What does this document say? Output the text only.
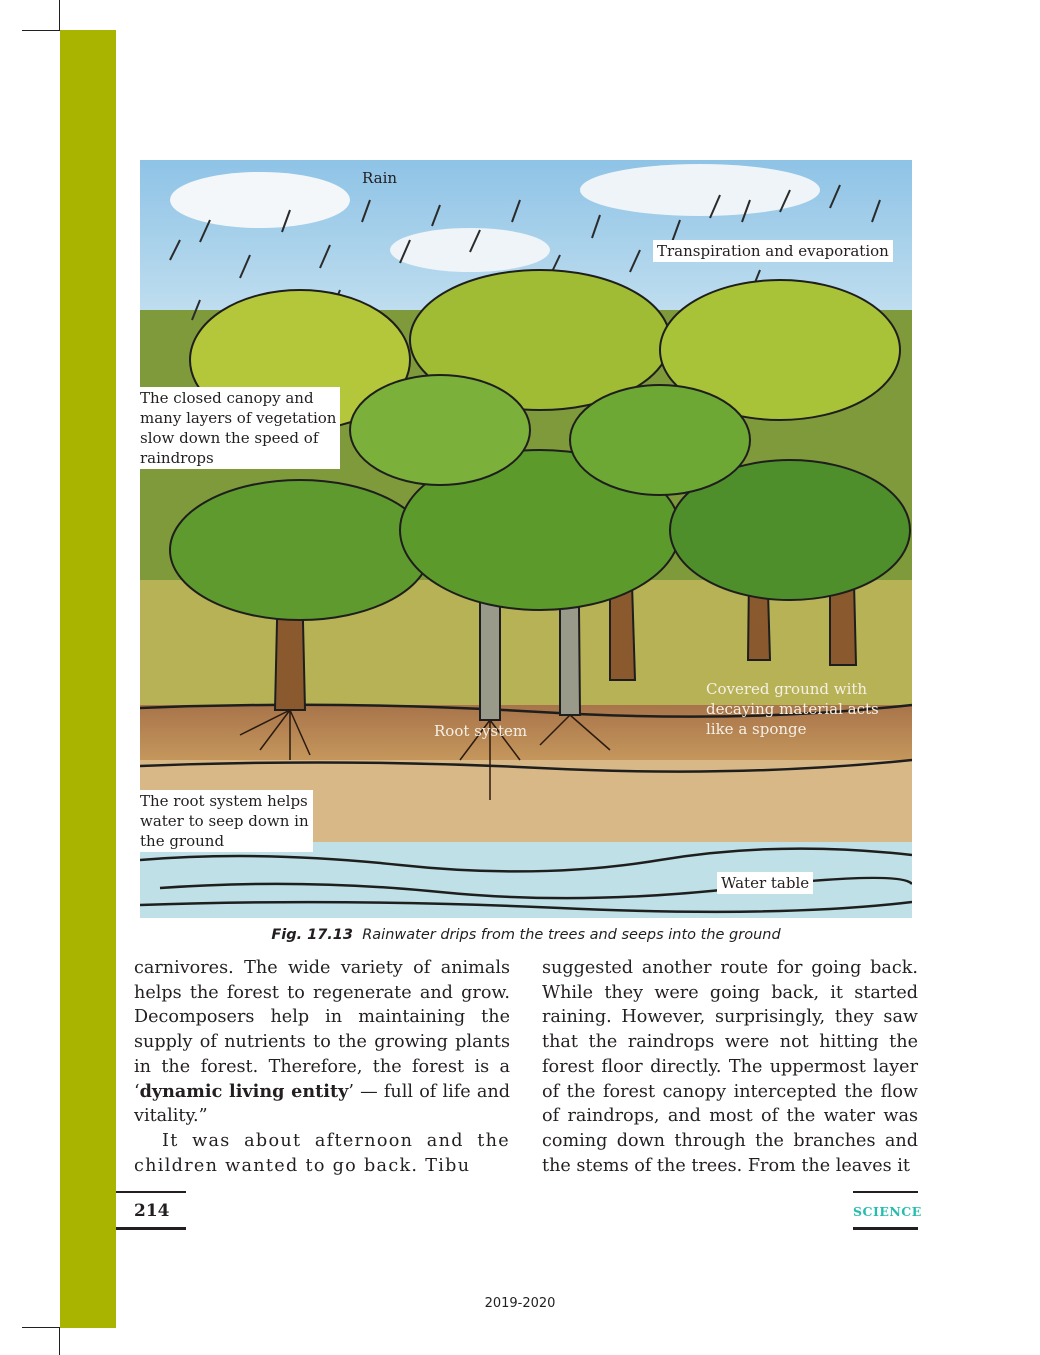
Rain
Transpiration and evaporation
The closed canopy and
many layers of vegetation
slow down the speed of
raindrops
Covered ground with
decaying material acts
like a sponge
Root system
The root system helps
water to seep down in
the ground
Water table
Fig. 17.13 Rainwater drips from the trees and seeps into the ground

carnivores. The wide variety of animals helps the forest to regenerate and grow. Decomposers help in maintaining the supply of nutrients to the growing plants in the forest. Therefore, the forest is a ‘dynamic living entity’ — full of life and vitality.”

It was about afternoon and the children wanted to go back. Tibu

suggested another route for going back. While they were going back, it started raining. However, surprisingly, they saw that the raindrops were not hitting the forest floor directly. The uppermost layer of the forest canopy intercepted the flow of raindrops, and most of the water was coming down through the branches and the stems of the trees. From the leaves it

214	SCIENCE
2019-2020
